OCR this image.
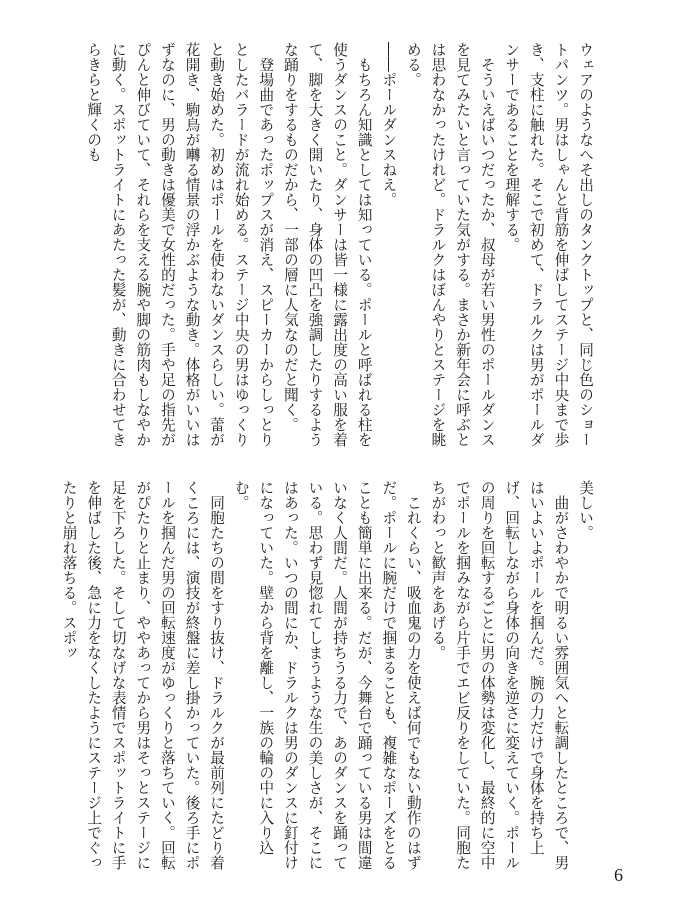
ウェアのようなへそ出しのタンクトップと、同じ色のショートパンツ。男はしゃんと背筋を伸ばしてステージ中央まで歩き、支柱に触れた。そこで初めて、ドラルクは男がポールダンサーであることを理解する。

そういえばいつだったか、叔母が若い男性のポールダンスを見てみたいと言っていた気がする。まさか新年会に呼ぶとは思わなかったけれど。ドラルクはぼんやりとステージを眺める。

――ポールダンスねえ。

もちろん知識としては知っている。ポールと呼ばれる柱を使うダンスのこと。ダンサーは皆一様に露出度の高い服を着て、脚を大きく開いたり、身体の凹凸を強調したりするような踊りをするものだから、一部の層に人気なのだと聞く。

登場曲であったポップスが消え、スピーカーからしっとりとしたバラードが流れ始める。ステージ中央の男はゆっくりと動き始めた。初めはポールを使わないダンスらしい。蕾が花開き、駒鳥が囀る情景の浮かぶような動き。体格がいいはずなのに、男の動きは優美で女性的だった。手や足の指先がぴんと伸びていて、それらを支える腕や脚の筋肉もしなやかに動く。スポットライトにあたった髪が、動きに合わせてきらきらと輝くのも

美しい。

曲がさわやかで明るい雰囲気へと転調したところで、男はいよいよポールを掴んだ。腕の力だけで身体を持ち上げ、回転しながら身体の向きを逆さに変えていく。ポールの周りを回転するごとに男の体勢は変化し、最終的に空中でポールを掴みながら片手でエビ反りをしていた。同胞たちがわっと歓声をあげる。

これくらい、吸血鬼の力を使えば何でもない動作のはずだ。ポールに腕だけで掴まることも、複雑なポーズをとることも簡単に出来る。だが、今舞台で踊っている男は間違いなく人間だ。人間が持ちうる力で、あのダンスを踊っている。思わず見惚れてしまうような生の美しさが、そこにはあった。いつの間にか、ドラルクは男のダンスに釘付けになっていた。壁から背を離し、一族の輪の中に入り込む。

同胞たちの間をすり抜け、ドラルクが最前列にたどり着くころには、演技が終盤に差し掛かっていた。後ろ手にポールを掴んだ男の回転速度がゆっくりと落ちていく。回転がぴたりと止まり、ややあってから男はそっとステージに足を下ろした。そして切なげな表情でスポットライトに手を伸ばした後、急に力をなくしたようにステージ上でぐったりと崩れ落ちる。スポッ

6
